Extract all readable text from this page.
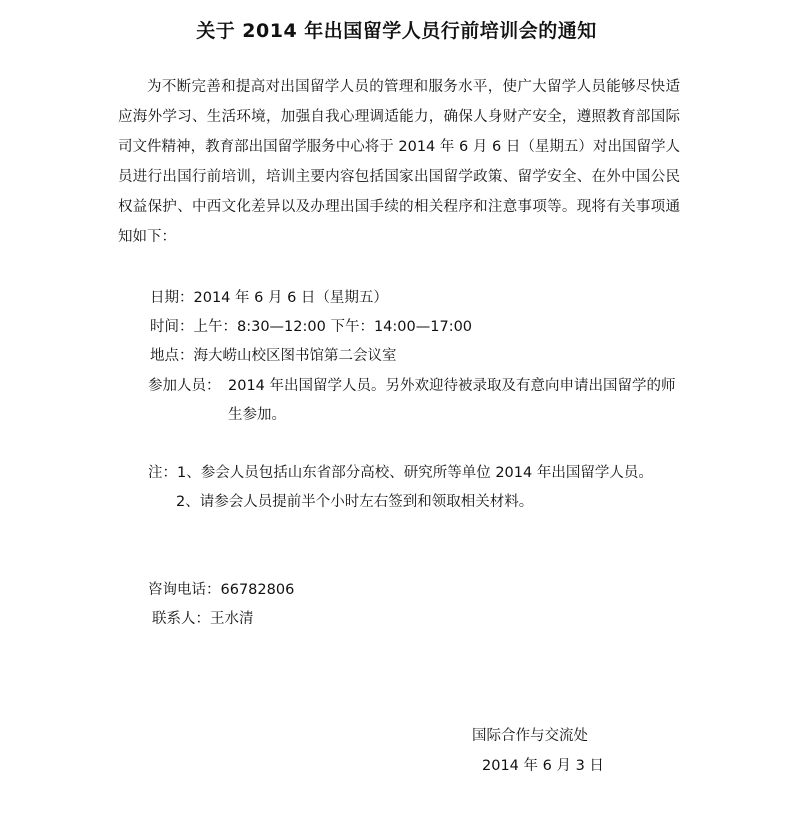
关于 2014 年出国留学人员行前培训会的通知
为不断完善和提高对出国留学人员的管理和服务水平，使广大留学人员能够尽快适应海外学习、生活环境，加强自我心理调适能力，确保人身财产安全，遵照教育部国际司文件精神，教育部出国留学服务中心将于 2014 年 6 月 6 日（星期五）对出国留学人员进行出国行前培训，培训主要内容包括国家出国留学政策、留学安全、在外中国公民权益保护、中西文化差异以及办理出国手续的相关程序和注意事项等。现将有关事项通知如下：
日期：2014 年 6 月 6 日（星期五）
时间：上午：8:30—12:00 下午：14:00—17:00
地点：海大崂山校区图书馆第二会议室
参加人员： 2014 年出国留学人员。另外欢迎待被录取及有意向申请出国留学的师生参加。
注：1、参会人员包括山东省部分高校、研究所等单位 2014 年出国留学人员。
2、请参会人员提前半个小时左右签到和领取相关材料。
咨询电话：66782806
联系人：王水清
国际合作与交流处
2014 年 6 月 3 日
